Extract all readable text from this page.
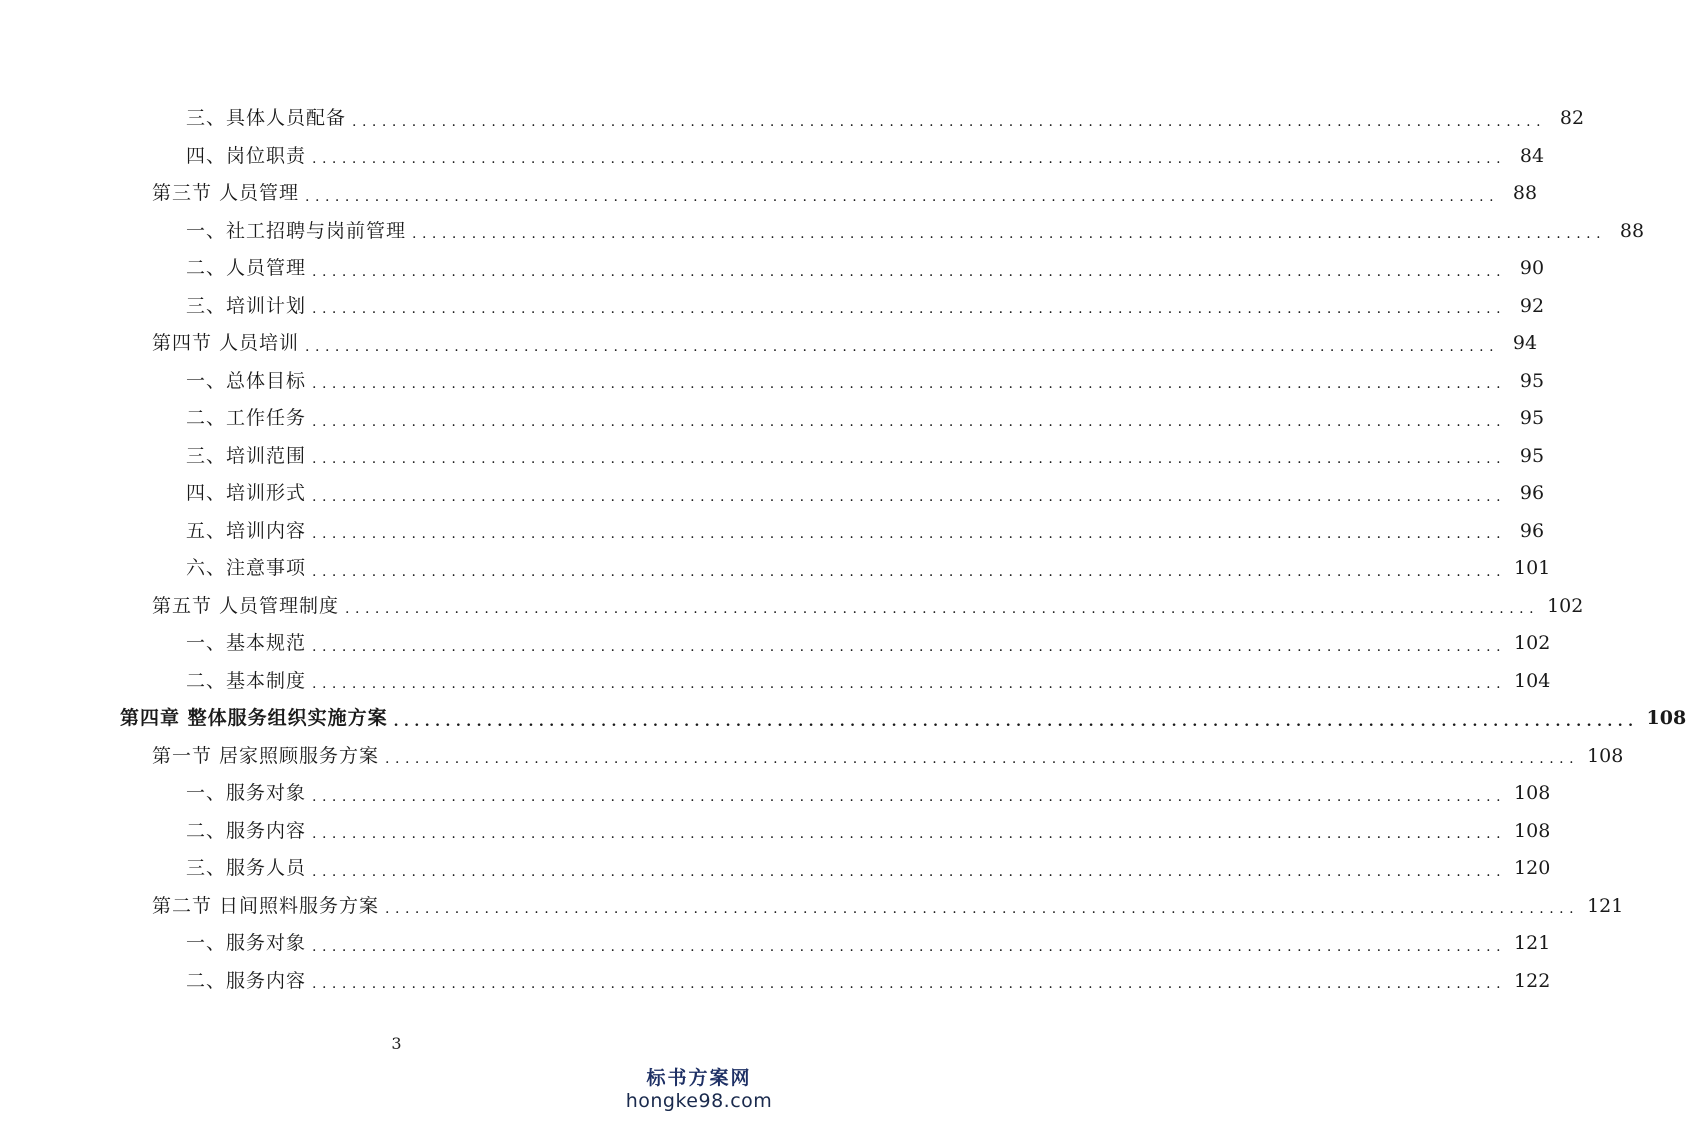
三、具体人员配备 ........................................................................................................................ 82
四、岗位职责 ........................................................................................................................ 84
第三节 人员管理 ........................................................................................................................ 88
一、社工招聘与岗前管理 ........................................................................................................................ 88
二、人员管理 ........................................................................................................................ 90
三、培训计划 ........................................................................................................................ 92
第四节 人员培训 ........................................................................................................................ 94
一、总体目标 ........................................................................................................................ 95
二、工作任务 ........................................................................................................................ 95
三、培训范围 ........................................................................................................................ 95
四、培训形式 ........................................................................................................................ 96
五、培训内容 ........................................................................................................................ 96
六、注意事项 ........................................................................................................................ 101
第五节 人员管理制度 ........................................................................................................................ 102
一、基本规范 ........................................................................................................................ 102
二、基本制度 ........................................................................................................................ 104
第四章 整体服务组织实施方案 ........................................................................................................................ 108
第一节 居家照顾服务方案 ........................................................................................................................ 108
一、服务对象 ........................................................................................................................ 108
二、服务内容 ........................................................................................................................ 108
三、服务人员 ........................................................................................................................ 120
第二节 日间照料服务方案 ........................................................................................................................ 121
一、服务对象 ........................................................................................................................ 121
二、服务内容 ........................................................................................................................ 122
3
标书方案网
hongke98.com
